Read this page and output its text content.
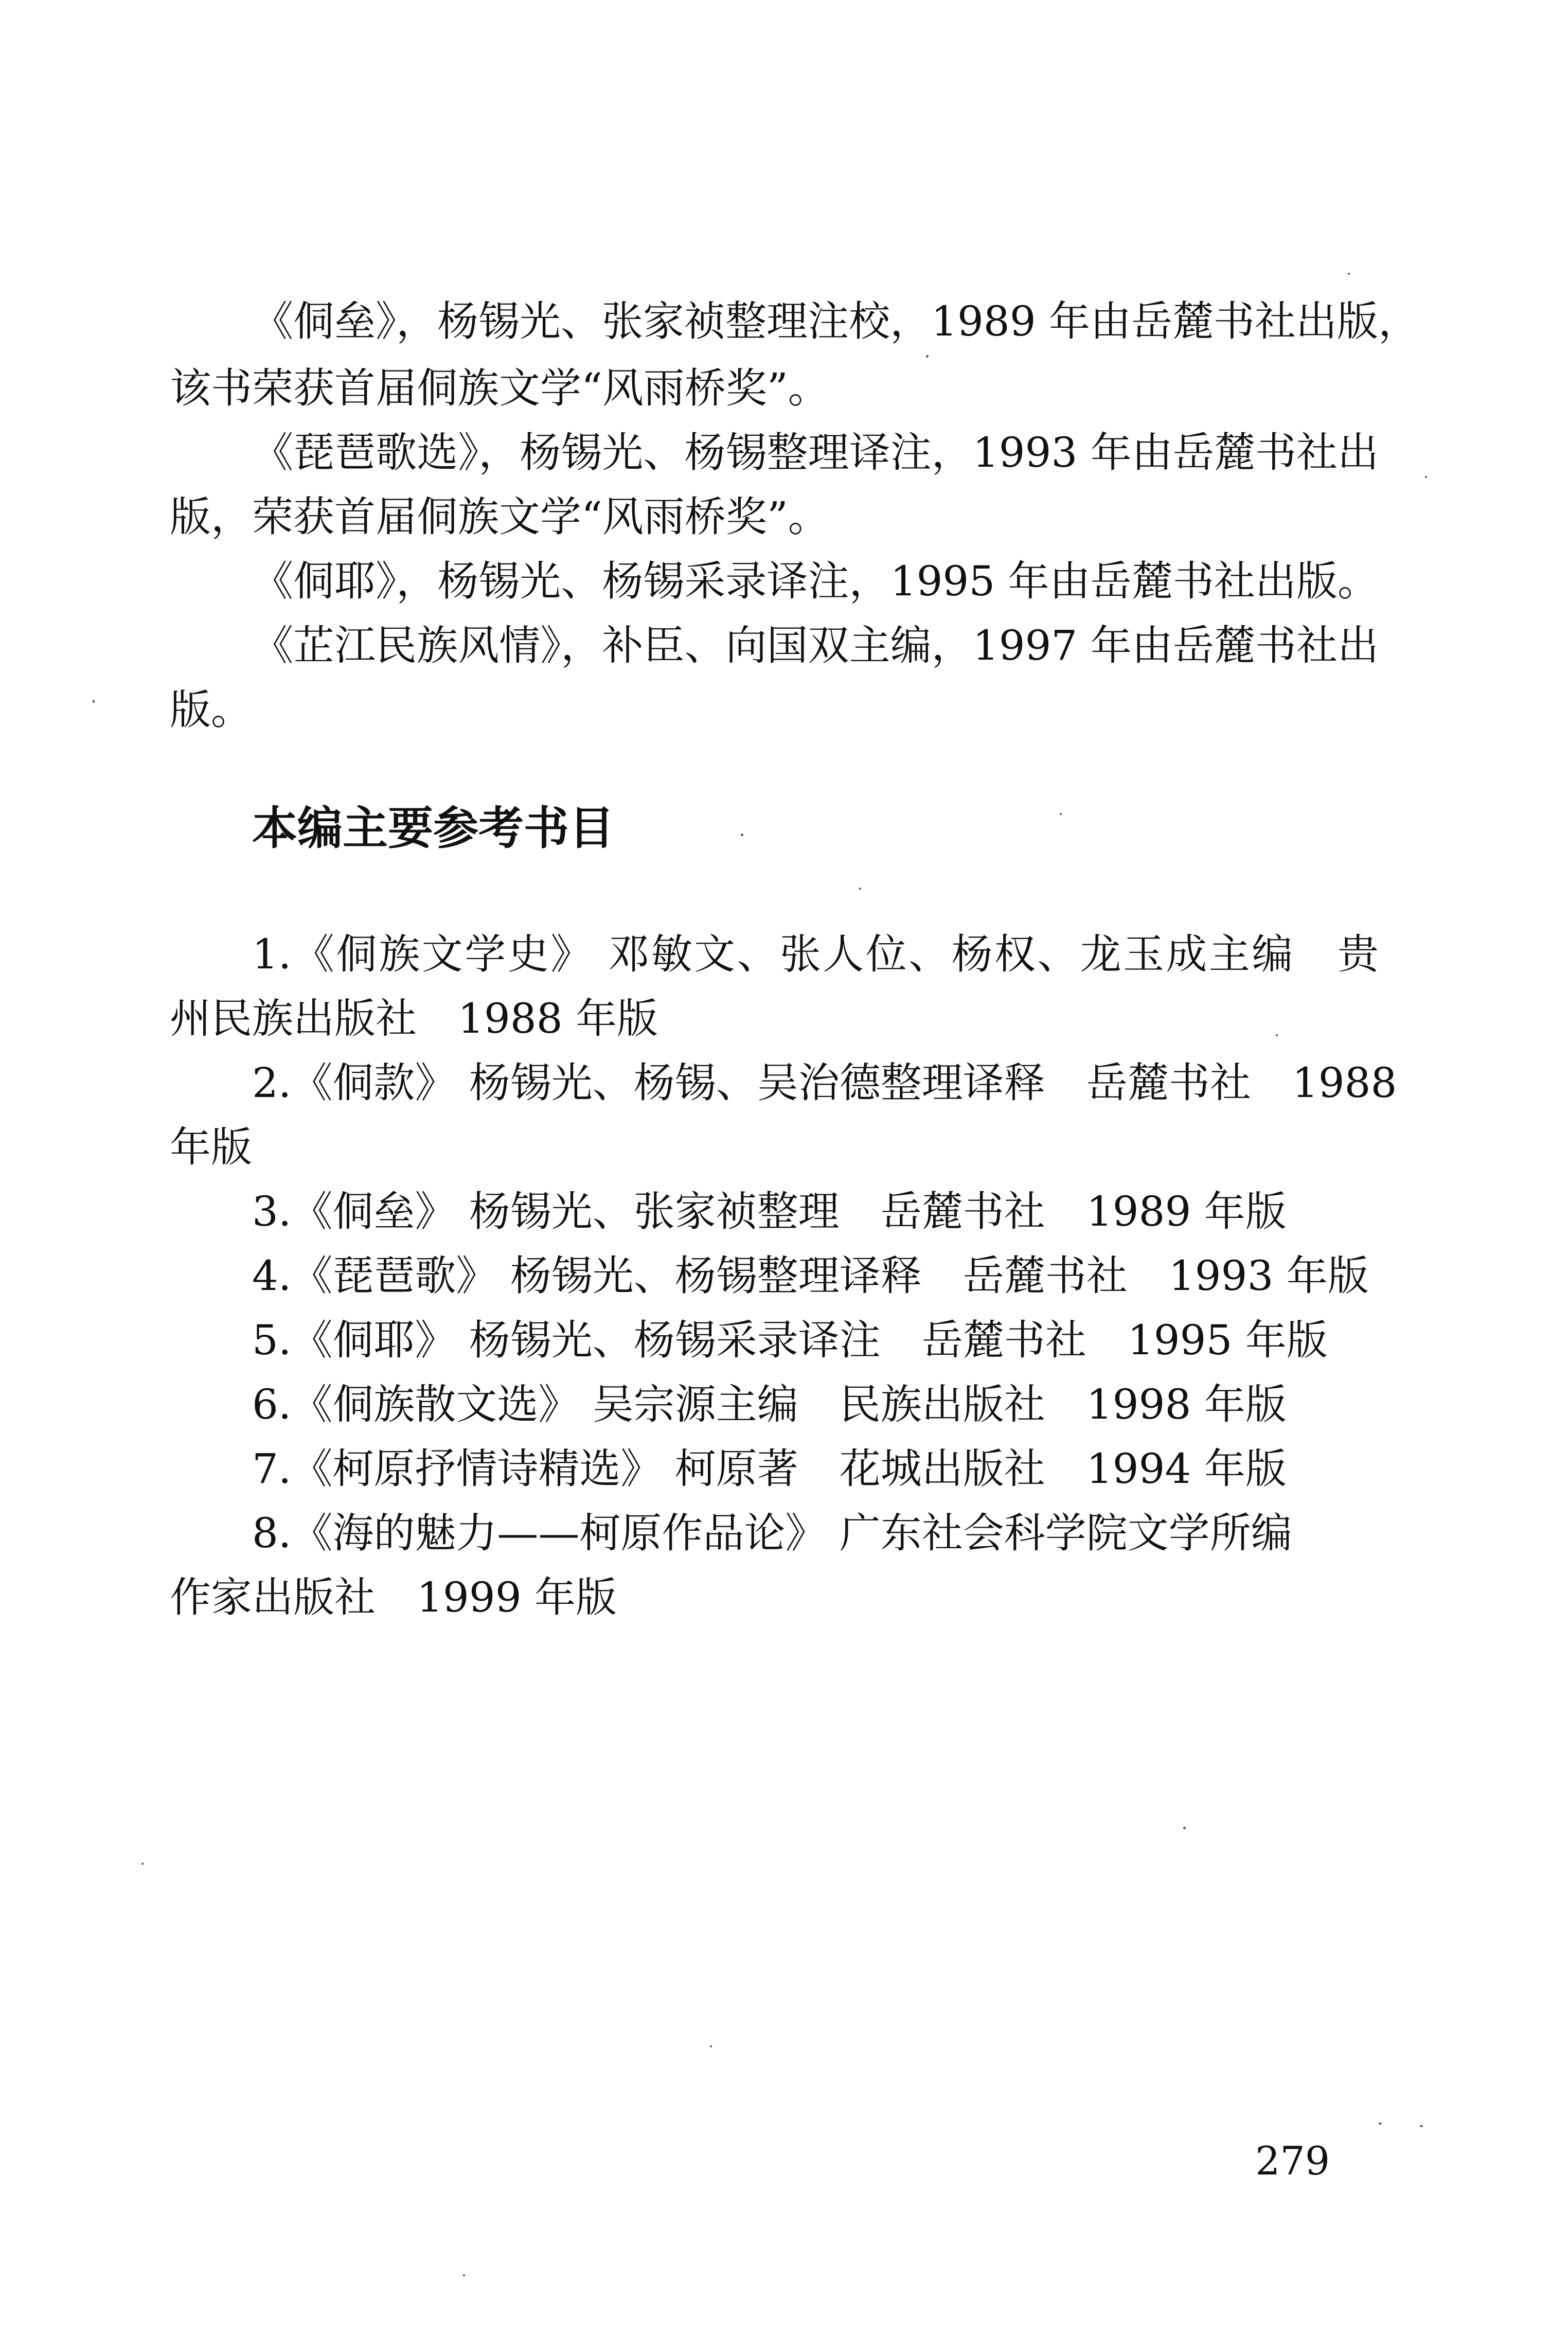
《侗垒》，杨锡光、张家祯整理注校，1989 年由岳麓书社出版，
该书荣获首届侗族文学“风雨桥奖”。
《琵琶歌选》，杨锡光、杨锡整理译注，1993 年由岳麓书社出
版，荣获首届侗族文学“风雨桥奖”。
《侗耶》，杨锡光、杨锡采录译注，1995 年由岳麓书社出版。
《芷江民族风情》，补臣、向国双主编，1997 年由岳麓书社出
版。
本编主要参考书目
1.《侗族文学史》 邓敏文、张人位、杨权、龙玉成主编　贵
州民族出版社　1988 年版
2.《侗款》 杨锡光、杨锡、吴治德整理译释　岳麓书社　1988
年版
3.《侗垒》 杨锡光、张家祯整理　岳麓书社　1989 年版
4.《琵琶歌》 杨锡光、杨锡整理译释　岳麓书社　1993 年版
5.《侗耶》 杨锡光、杨锡采录译注　岳麓书社　1995 年版
6.《侗族散文选》 吴宗源主编　民族出版社　1998 年版
7.《柯原抒情诗精选》 柯原著　花城出版社　1994 年版
8.《海的魅力——柯原作品论》 广东社会科学院文学所编
作家出版社　1999 年版
279
